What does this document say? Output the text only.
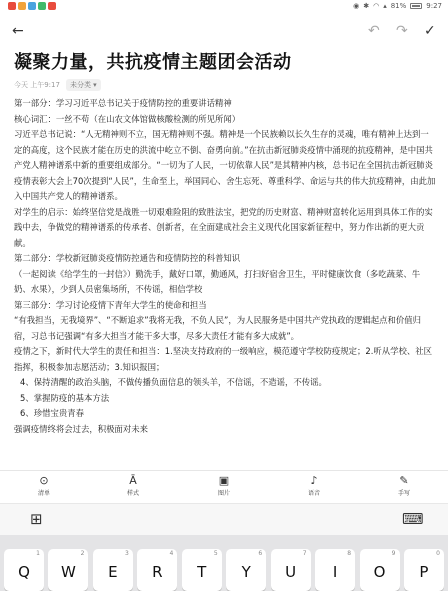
◉ ✱ ◠ ▴ 81%	9:27
←	↶ ↷ ✓
凝聚力量，共抗疫情主题团会活动
今天 上午9:17	未分类 ▾

第一部分：学习习近平总书记关于疫情防控的重要讲话精神

核心词汇：一丝不苟（在山农文体馆做核酸检测的所见所闻）

习近平总书记说：“人无精神则不立，国无精神则不强。精神是一个民族赖以长久生存的灵魂，唯有精神上达到一定的高度，这个民族才能在历史的洪流中屹立不倒、奋勇向前。”在抗击新冠肺炎疫情中涌现的抗疫精神，是中国共产党人精神谱系中新的重要组成部分。“一切为了人民，一切依靠人民”是其精神内核，总书记在全国抗击新冠肺炎疫情表彰大会上70次提到“人民”，生命至上，举国同心、舍生忘死、尊重科学、命运与共的伟大抗疫精神，由此加入中国共产党人的精神谱系。

对学生的启示：始终坚信党是战胜一切艰难险阻的致胜法宝，把党的历史财富、精神财富转化运用到具体工作的实践中去，争做党的精神谱系的传承者、创新者，在全面建成社会主义现代化国家新征程中，努力作出新的更大贡献。

第二部分：学校新冠肺炎疫情防控通告和疫情防控的科普知识

（一起阅读《给学生的一封信》）勤洗手，戴好口罩，勤通风，打扫好宿舍卫生，平时健康饮食（多吃蔬菜、牛奶、水果），少到人员密集场所，不传谣，相信学校

第三部分：学习讨论疫情下青年大学生的使命和担当

“有我担当，无我境界”、“不断追求”我将无我，不负人民”，为人民服务是中国共产党执政的逻辑起点和价值归宿，习总书记强调“有多大担当才能干多大事，尽多大责任才能有多大成就”。

疫情之下，新时代大学生的责任和担当：1.坚决支持政府的一级响应，模范遵守学校防疫规定；2.听从学校、社区指挥，积极参加志愿活动；3.知识报国；

4、保持清醒的政治头脑，不做传播负面信息的领头羊，不信谣，不造谣，不传谣。

5、掌握防疫的基本方法

6、珍惜宝贵青春

强调疫情终将会过去，积极面对未来

⊙
清单
Ā
样式
▣
图片
♪
语音
✎
手写
⊞	⌨
1
Q
2
W
3
E
4
R
5
T
6
Y
7
U
8
I
9
O
0
P
